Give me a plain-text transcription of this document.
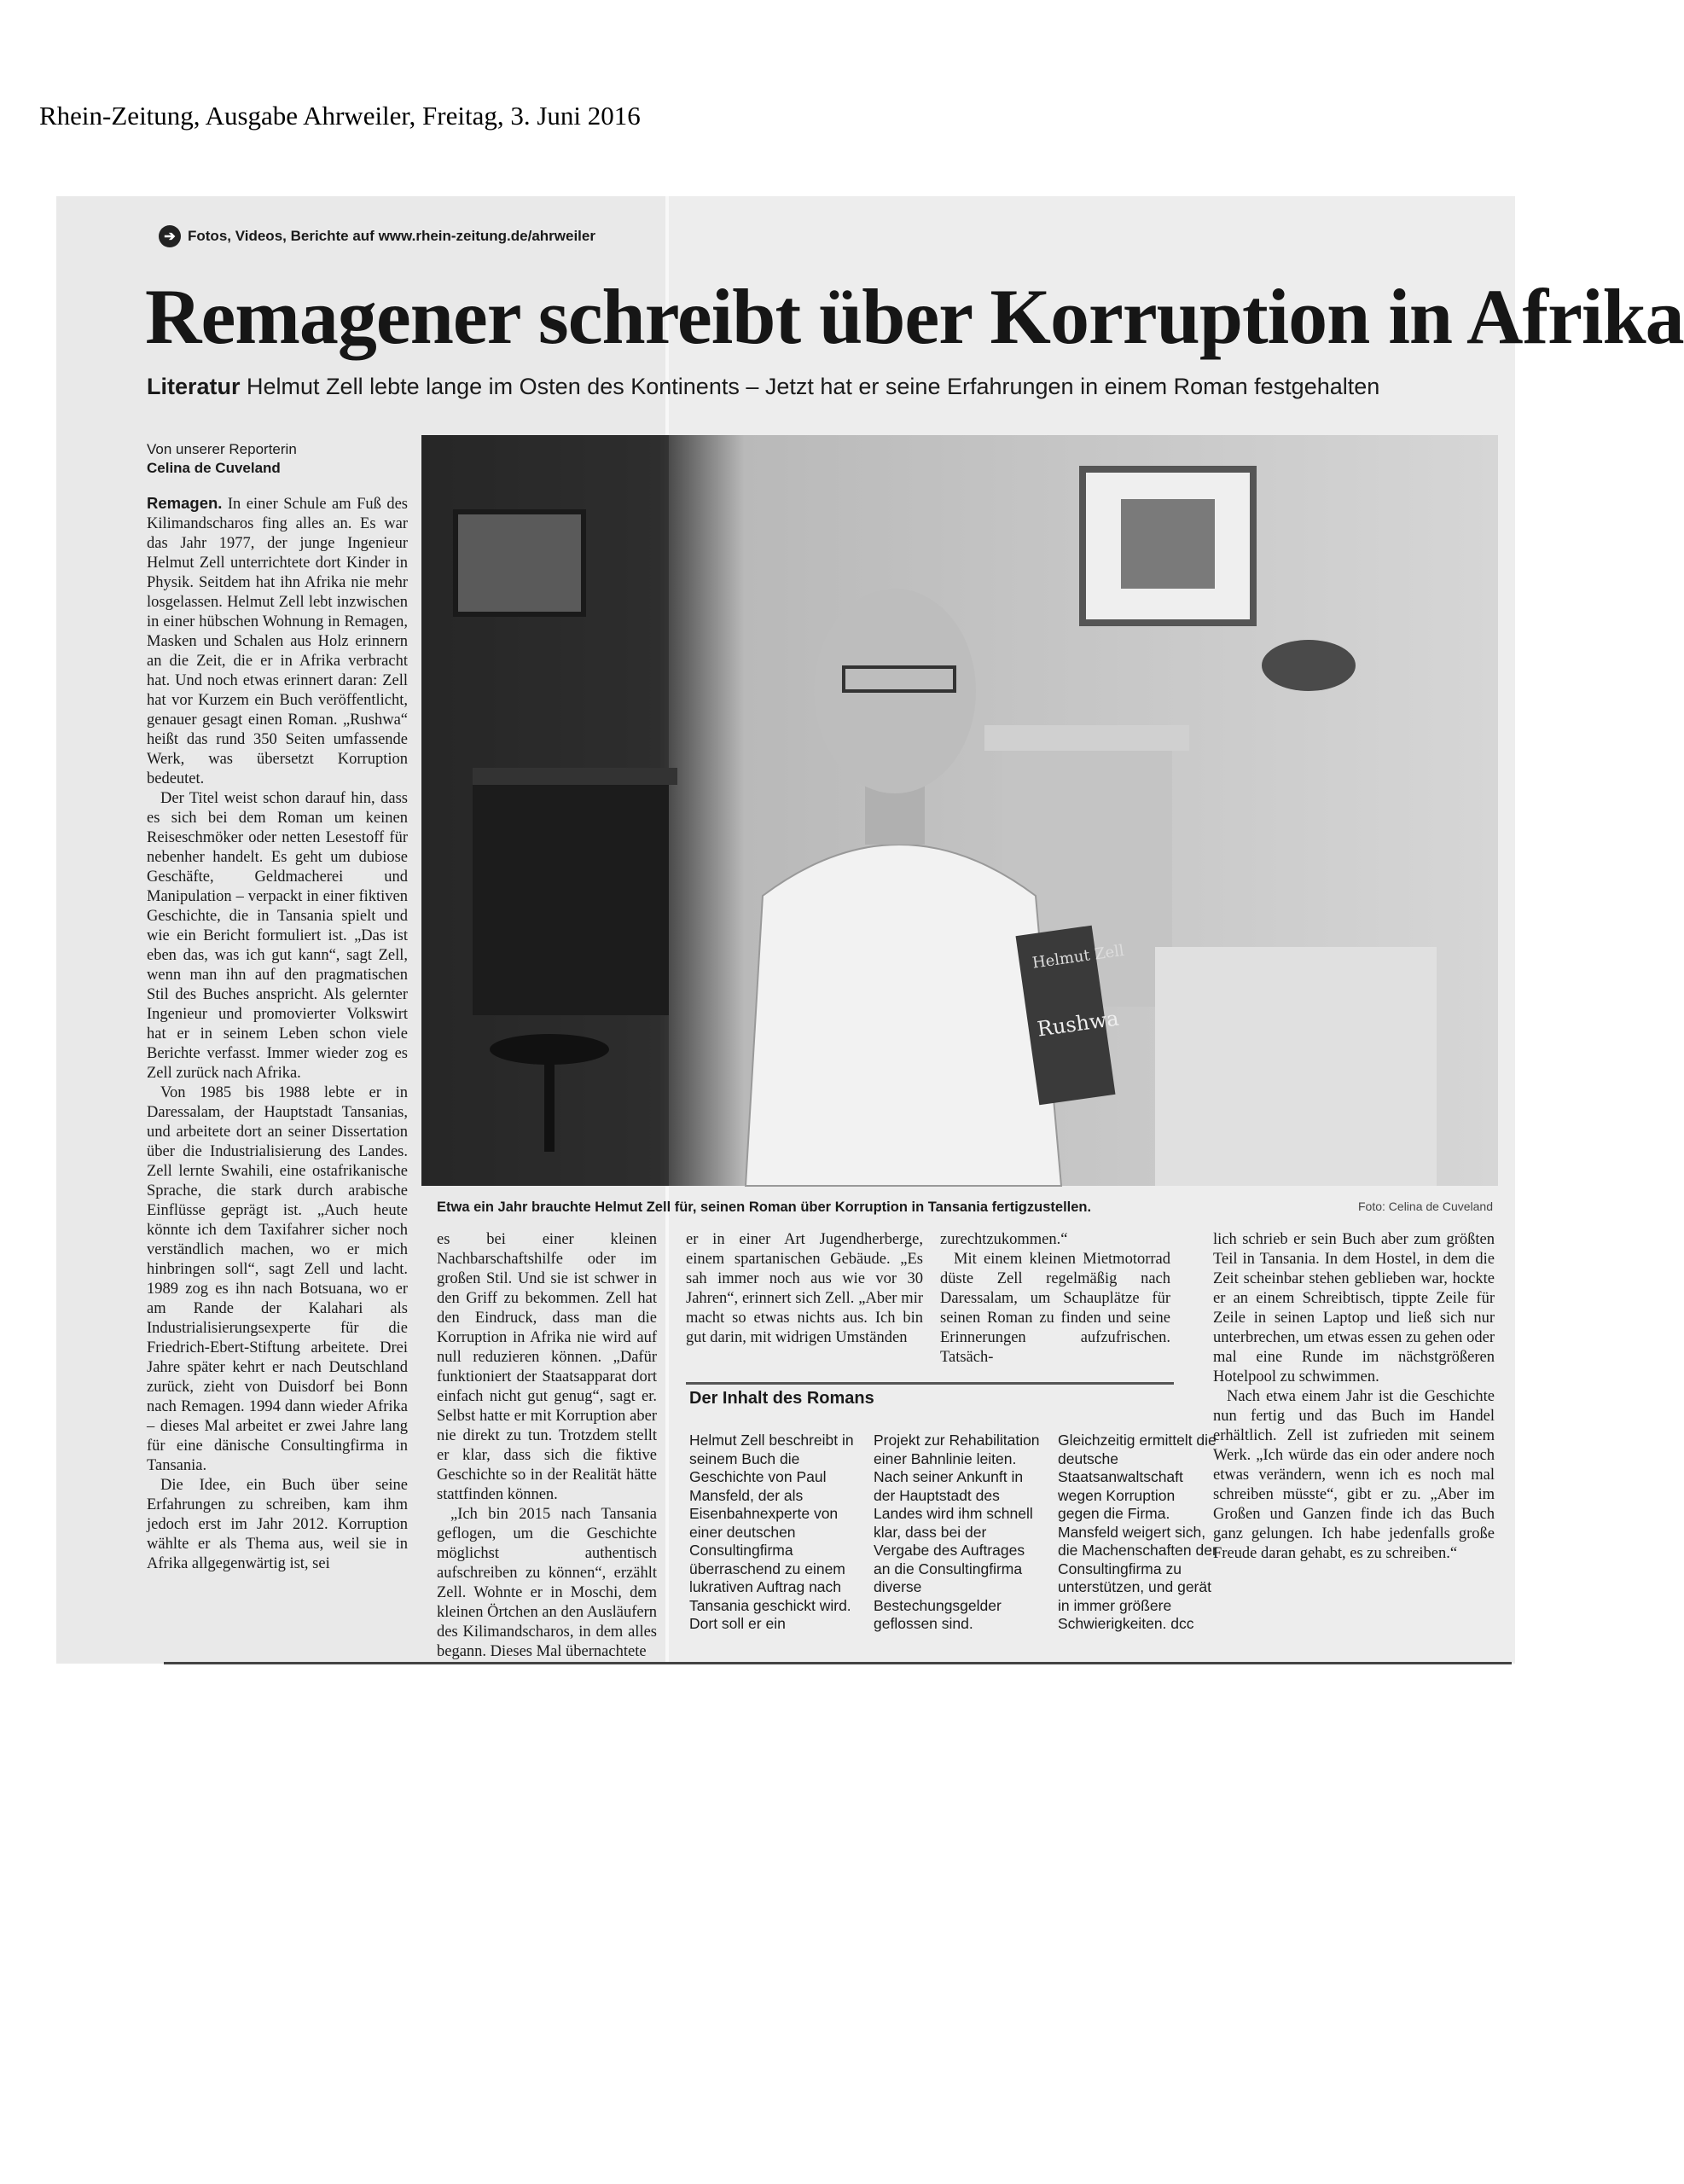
Rhein-Zeitung, Ausgabe Ahrweiler, Freitag, 3. Juni 2016
➔ Fotos, Videos, Berichte auf www.rhein-zeitung.de/ahrweiler
Remagener schreibt über Korruption in Afrika
Literatur Helmut Zell lebte lange im Osten des Kontinents – Jetzt hat er seine Erfahrungen in einem Roman festgehalten
Von unserer Reporterin
Celina de Cuveland

Remagen. In einer Schule am Fuß des Kilimandscharos fing alles an. Es war das Jahr 1977, der junge Ingenieur Helmut Zell unterrichtete dort Kinder in Physik. Seitdem hat ihn Afrika nie mehr losgelassen. Helmut Zell lebt inzwischen in einer hübschen Wohnung in Remagen, Masken und Schalen aus Holz erinnern an die Zeit, die er in Afrika verbracht hat. Und noch etwas erinnert daran: Zell hat vor Kurzem ein Buch veröffentlicht, genauer gesagt einen Roman. „Rushwa“ heißt das rund 350 Seiten umfassende Werk, was übersetzt Korruption bedeutet.

Der Titel weist schon darauf hin, dass es sich bei dem Roman um keinen Reiseschmöker oder netten Lesestoff für nebenher handelt. Es geht um dubiose Geschäfte, Geldmacherei und Manipulation – verpackt in einer fiktiven Geschichte, die in Tansania spielt und wie ein Bericht formuliert ist. „Das ist eben das, was ich gut kann“, sagt Zell, wenn man ihn auf den pragmatischen Stil des Buches anspricht. Als gelernter Ingenieur und promovierter Volkswirt hat er in seinem Leben schon viele Berichte verfasst. Immer wieder zog es Zell zurück nach Afrika.

Von 1985 bis 1988 lebte er in Daressalam, der Hauptstadt Tansanias, und arbeitete dort an seiner Dissertation über die Industrialisierung des Landes. Zell lernte Swahili, eine ostafrikanische Sprache, die stark durch arabische Einflüsse geprägt ist. „Auch heute könnte ich dem Taxifahrer sicher noch verständlich machen, wo er mich hinbringen soll“, sagt Zell und lacht. 1989 zog es ihn nach Botsuana, wo er am Rande der Kalahari als Industrialisierungsexperte für die Friedrich-Ebert-Stiftung arbeitete. Drei Jahre später kehrt er nach Deutschland zurück, zieht von Duisdorf bei Bonn nach Remagen. 1994 dann wieder Afrika – dieses Mal arbeitet er zwei Jahre lang für eine dänische Consultingfirma in Tansania.

Die Idee, ein Buch über seine Erfahrungen zu schreiben, kam ihm jedoch erst im Jahr 2012. Korruption wählte er als Thema aus, weil sie in Afrika allgegenwärtig ist, sei

Helmut Zell
Rushwa
Etwa ein Jahr brauchte Helmut Zell für, seinen Roman über Korruption in Tansania fertigzustellen.	Foto: Celina de Cuveland

es bei einer kleinen Nachbarschaftshilfe oder im großen Stil. Und sie ist schwer in den Griff zu bekommen. Zell hat den Eindruck, dass man die Korruption in Afrika nie wird auf null reduzieren können. „Dafür funktioniert der Staatsapparat dort einfach nicht gut genug“, sagt er. Selbst hatte er mit Korruption aber nie direkt zu tun. Trotzdem stellt er klar, dass sich die fiktive Geschichte so in der Realität hätte stattfinden können.

„Ich bin 2015 nach Tansania geflogen, um die Geschichte möglichst authentisch aufschreiben zu können“, erzählt Zell. Wohnte er in Moschi, dem kleinen Örtchen an den Ausläufern des Kilimandscharos, in dem alles begann. Dieses Mal übernachtete

er in einer Art Jugendherberge, einem spartanischen Gebäude. „Es sah immer noch aus wie vor 30 Jahren“, erinnert sich Zell. „Aber mir macht so etwas nichts aus. Ich bin gut darin, mit widrigen Umständen

zurechtzukommen.“

Mit einem kleinen Mietmotorrad düste Zell regelmäßig nach Daressalam, um Schauplätze für seinen Roman zu finden und seine Erinnerungen aufzufrischen. Tatsäch-

lich schrieb er sein Buch aber zum größten Teil in Tansania. In dem Hostel, in dem die Zeit scheinbar stehen geblieben war, hockte er an einem Schreibtisch, tippte Zeile für Zeile in seinen Laptop und ließ sich nur unterbrechen, um etwas essen zu gehen oder mal eine Runde im nächstgrößeren Hotelpool zu schwimmen.

Nach etwa einem Jahr ist die Geschichte nun fertig und das Buch im Handel erhältlich. Zell ist zufrieden mit seinem Werk. „Ich würde das ein oder andere noch etwas verändern, wenn ich es noch mal schreiben müsste“, gibt er zu. „Aber im Großen und Ganzen finde ich das Buch ganz gelungen. Ich habe jedenfalls große Freude daran gehabt, es zu schreiben.“

Der Inhalt des Romans
Helmut Zell beschreibt in seinem Buch die Geschichte von Paul Mansfeld, der als Eisenbahnexperte von einer deutschen Consultingfirma überraschend zu einem lukrativen Auftrag nach Tansania geschickt wird. Dort soll er ein
Projekt zur Rehabilitation einer Bahnlinie leiten. Nach seiner Ankunft in der Hauptstadt des Landes wird ihm schnell klar, dass bei der Vergabe des Auftrages an die Consultingfirma diverse Bestechungsgelder geflossen sind.
Gleichzeitig ermittelt die deutsche Staatsanwaltschaft wegen Korruption gegen die Firma. Mansfeld weigert sich, die Machenschaften der Consultingfirma zu unterstützen, und gerät in immer größere Schwierigkeiten. dcc
